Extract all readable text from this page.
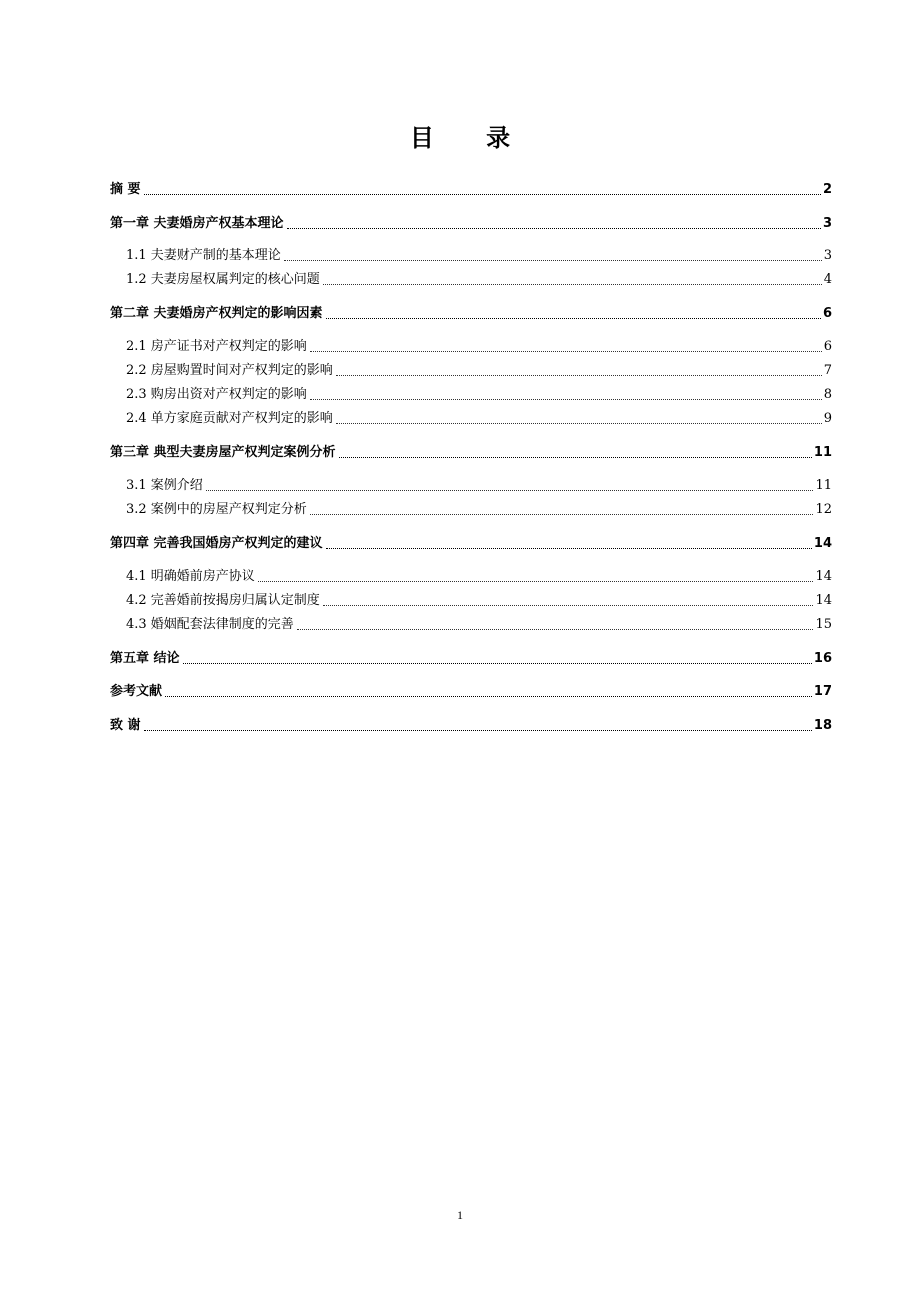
目 录
摘 要	2
第一章 夫妻婚房产权基本理论	3
1.1 夫妻财产制的基本理论	3
1.2 夫妻房屋权属判定的核心问题	4
第二章 夫妻婚房产权判定的影响因素	6
2.1 房产证书对产权判定的影响	6
2.2 房屋购置时间对产权判定的影响	7
2.3 购房出资对产权判定的影响	8
2.4 单方家庭贡献对产权判定的影响	9
第三章 典型夫妻房屋产权判定案例分析	11
3.1 案例介绍	11
3.2 案例中的房屋产权判定分析	12
第四章 完善我国婚房产权判定的建议	14
4.1 明确婚前房产协议	14
4.2 完善婚前按揭房归属认定制度	14
4.3 婚姻配套法律制度的完善	15
第五章 结论	16
参考文献	17
致 谢	18
1
